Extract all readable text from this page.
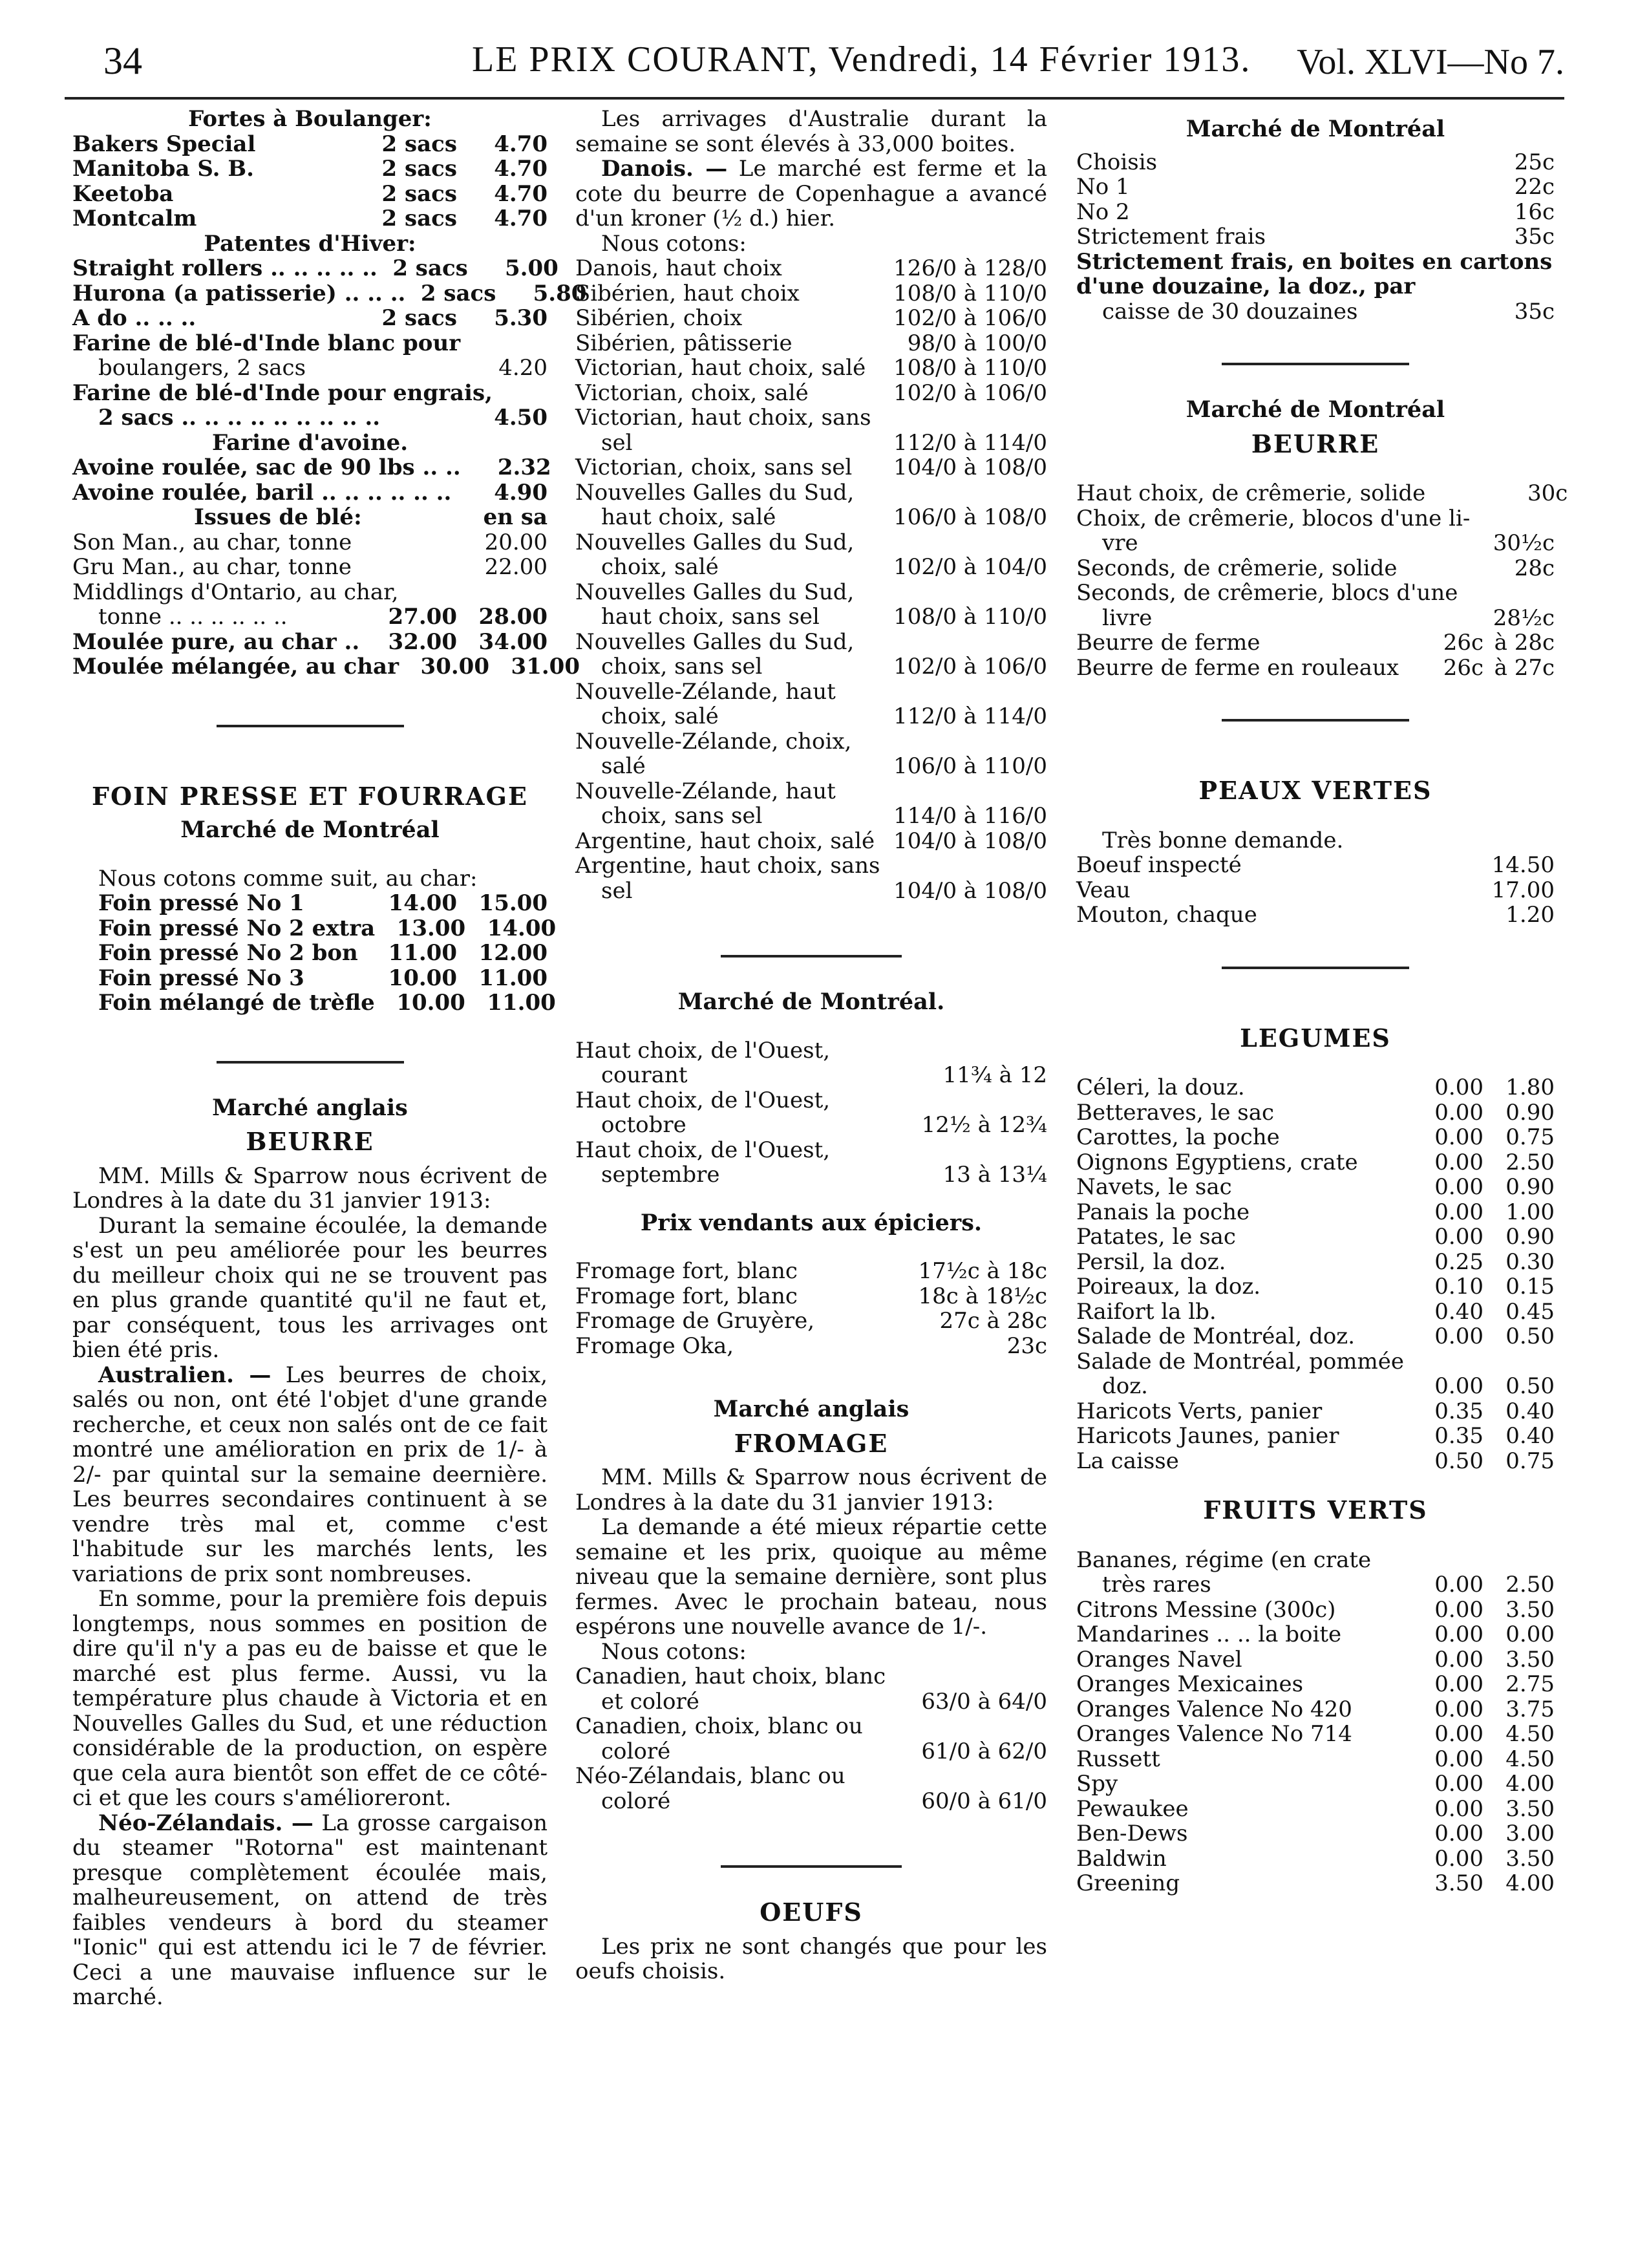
34	LE PRIX COURANT, Vendredi, 14 Février 1913. Vol. XLVI—No 7.
Fortes à Boulanger:
Bakers Special	2 sacs	4.70
Manitoba S. B.	2 sacs	4.70
Keetoba	2 sacs	4.70
Montcalm	2 sacs	4.70
Patentes d'Hiver:
Straight rollers .. .. .. .. .. 2 sacs	5.00
Hurona (a patisserie) .. .. .. 2 sacs	5.80
A do .. .. ..	2 sacs	5.30
Farine de blé-d'Inde blanc pour
boulangers, 2 sacs	4.20
Farine de blé-d'Inde pour engrais,
2 sacs .. .. .. .. .. .. .. .. ..	4.50
Farine d'avoine.
Avoine roulée, sac de 90 lbs .. ..	2.32
Avoine roulée, baril .. .. .. .. .. ..	4.90
Issues de blé:	en sa
Son Man., au char, tonne	20.00
Gru Man., au char, tonne	22.00
Middlings d'Ontario, au char,
tonne .. .. .. .. .. ..	27.00 28.00
Moulée pure, au char ..	32.00 34.00
Moulée mélangée, au char 30.00 31.00
FOIN PRESSE ET FOURRAGE
Marché de Montréal
Nous cotons comme suit, au char:
Foin pressé No 1	14.00 15.00
Foin pressé No 2 extra 13.00 14.00
Foin pressé No 2 bon	11.00 12.00
Foin pressé No 3	10.00 11.00
Foin mélangé de trèfle 10.00 11.00
Marché anglais
BEURRE

MM. Mills & Sparrow nous écrivent de Londres à la date du 31 janvier 1913:

Durant la semaine écoulée, la demande s'est un peu améliorée pour les beurres du meilleur choix qui ne se trouvent pas en plus grande quantité qu'il ne faut et, par conséquent, tous les arrivages ont bien été pris.

Australien. — Les beurres de choix, salés ou non, ont été l'objet d'une grande recherche, et ceux non salés ont de ce fait montré une amélioration en prix de 1/- à 2/- par quintal sur la semaine deernière. Les beurres secondaires continuent à se vendre très mal et, comme c'est l'habitude sur les marchés lents, les variations de prix sont nombreuses.

En somme, pour la première fois depuis longtemps, nous sommes en position de dire qu'il n'y a pas eu de baisse et que le marché est plus ferme. Aussi, vu la température plus chaude à Victoria et en Nouvelles Galles du Sud, et une réduction considérable de la production, on espère que cela aura bientôt son effet de ce côté-ci et que les cours s'amélioreront.

Néo-Zélandais. — La grosse cargaison du steamer "Rotorna" est maintenant presque complètement écoulée mais, malheureusement, on attend de très faibles vendeurs à bord du steamer "Ionic" qui est attendu ici le 7 de février. Ceci a une mauvaise influence sur le marché.

Les arrivages d'Australie durant la semaine se sont élevés à 33,000 boites.

Danois. — Le marché est ferme et la cote du beurre de Copenhague a avancé d'un kroner (½ d.) hier.

Nous cotons:
Danois, haut choix	126/0 à 128/0
Sibérien, haut choix	108/0 à 110/0
Sibérien, choix	102/0 à 106/0
Sibérien, pâtisserie	98/0 à 100/0
Victorian, haut choix, salé	108/0 à 110/0
Victorian, choix, salé	102/0 à 106/0
Victorian, haut choix, sans
sel	112/0 à 114/0
Victorian, choix, sans sel	104/0 à 108/0
Nouvelles Galles du Sud,
haut choix, salé	106/0 à 108/0
Nouvelles Galles du Sud,
choix, salé	102/0 à 104/0
Nouvelles Galles du Sud,
haut choix, sans sel	108/0 à 110/0
Nouvelles Galles du Sud,
choix, sans sel	102/0 à 106/0
Nouvelle-Zélande, haut
choix, salé	112/0 à 114/0
Nouvelle-Zélande, choix,
salé	106/0 à 110/0
Nouvelle-Zélande, haut
choix, sans sel	114/0 à 116/0
Argentine, haut choix, salé 104/0 à 108/0
Argentine, haut choix, sans
sel	104/0 à 108/0
Marché de Montréal.
Haut choix, de l'Ouest,
courant	11¾ à 12
Haut choix, de l'Ouest,
octobre	12½ à 12¾
Haut choix, de l'Ouest,
septembre	13 à 13¼
Prix vendants aux épiciers.
Fromage fort, blanc	17½c à 18c
Fromage fort, blanc	18c à 18½c
Fromage de Gruyère,	27c à 28c
Fromage Oka,	23c
Marché anglais
FROMAGE

MM. Mills & Sparrow nous écrivent de Londres à la date du 31 janvier 1913:

La demande a été mieux répartie cette semaine et les prix, quoique au même niveau que la semaine dernière, sont plus fermes. Avec le prochain bateau, nous espérons une nouvelle avance de 1/-.

Nous cotons:
Canadien, haut choix, blanc
et coloré	63/0 à 64/0
Canadien, choix, blanc ou
coloré	61/0 à 62/0
Néo-Zélandais, blanc ou
coloré	60/0 à 61/0
OEUFS

Les prix ne sont changés que pour les oeufs choisis.

Marché de Montréal
Choisis	25c
No 1	22c
No 2	16c
Strictement frais	35c
Strictement frais, en boites en cartons d'une douzaine, la doz., par
caisse de 30 douzaines	35c
Marché de Montréal
BEURRE
Haut choix, de crêmerie, solide	30c
Choix, de crêmerie, blocos d'une li-
vre	30½c
Seconds, de crêmerie, solide	28c
Seconds, de crêmerie, blocs d'une
livre	28½c
Beurre de ferme	26c à 28c
Beurre de ferme en rouleaux	26c à 27c
PEAUX VERTES
Très bonne demande.
Boeuf inspecté	14.50
Veau	17.00
Mouton, chaque	1.20
LEGUMES
Céleri, la douz.	0.00	1.80
Betteraves, le sac	0.00	0.90
Carottes, la poche	0.00	0.75
Oignons Egyptiens, crate	0.00	2.50
Navets, le sac	0.00	0.90
Panais la poche	0.00	1.00
Patates, le sac	0.00	0.90
Persil, la doz.	0.25	0.30
Poireaux, la doz.	0.10	0.15
Raifort la lb.	0.40	0.45
Salade de Montréal, doz.	0.00	0.50
Salade de Montréal, pommée
doz.	0.00	0.50
Haricots Verts, panier	0.35	0.40
Haricots Jaunes, panier	0.35	0.40
La caisse	0.50	0.75
FRUITS VERTS
Bananes, régime (en crate
très rares	0.00	2.50
Citrons Messine (300c)	0.00	3.50
Mandarines .. .. la boite	0.00	0.00
Oranges Navel	0.00	3.50
Oranges Mexicaines	0.00	2.75
Oranges Valence No 420	0.00	3.75
Oranges Valence No 714	0.00	4.50
Russett	0.00	4.50
Spy	0.00	4.00
Pewaukee	0.00	3.50
Ben-Dews	0.00	3.00
Baldwin	0.00	3.50
Greening	3.50	4.00
